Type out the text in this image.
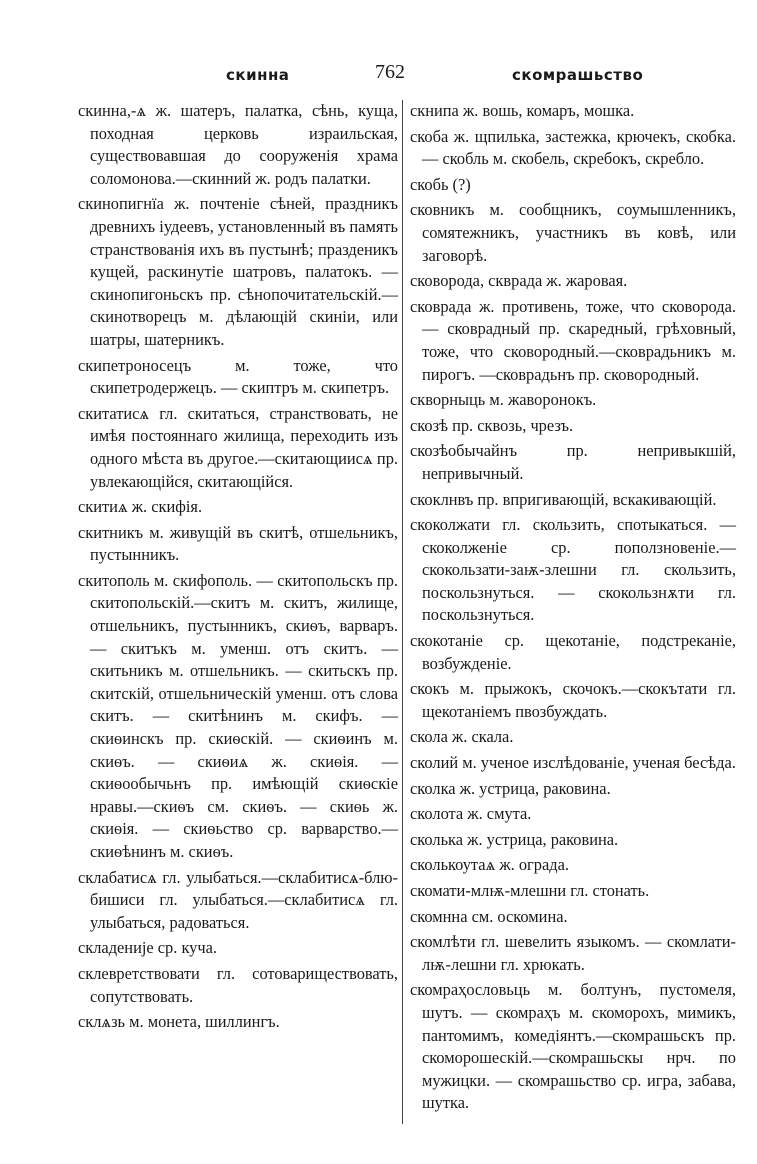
скинна	762	скомрашьство

скинна,-ѧ ж. шатеръ, палатка, сѣнь, куща, походная церковь израильская, существовавшая до сооруженія храма соломонова.—скинний ж. родъ палатки.

скинопигнїа ж. почтеніе сѣней, праздникъ древнихъ іудеевъ, установленный въ память странствованія ихъ въ пустынѣ; празденикъ кущей, раскинутіе шатровъ, палатокъ. — скинопигоньскъ пр. сѣнопочитательскій.—скинотворецъ м. дѣлающій скиніи, или шатры, шатерникъ.

скипетроносецъ м. тоже, что скипетродержецъ. — скиптръ м. скипетръ.

скитатисѧ гл. скитаться, странствовать, не имѣя постояннаго жилища, переходить изъ одного мѣста въ другое.—скитающиисѧ пр. увлекающійся, скитающійся.

скитиѧ ж. скифія.

скитникъ м. живущій въ скитѣ, отшельникъ, пустынникъ.

скитополь м. скифополь. — скитопольскъ пр. скитопольскій.—скитъ м. скитъ, жилище, отшельникъ, пустынникъ, скиѳъ, варваръ. — скитъкъ м. уменш. отъ скитъ. — скитьникъ м. отшельникъ. — скитьскъ пр. скитскій, отшельническій уменш. отъ слова скитъ. — скитѣнинъ м. скифъ. — скиѳинскъ пр. скиѳскій. — скиѳинъ м. скиѳъ. — скиѳиѧ ж. скиѳія. — скиѳообычьнъ пр. имѣющій скиѳскіе нравы.—скиѳъ см. скиѳъ. — скиѳь ж. скиѳія. — скиѳьство ср. варварство.—скиѳѣнинъ м. скиѳъ.

склабатисѧ гл. улыбаться.—склабитисѧ-блю-бишиси гл. улыбаться.—склабитисѧ гл. улыбаться, радоваться.

складеније ср. куча.

склевретствовати гл. сотовариществовать, сопутствовать.

склѧзь м. монета, шиллингъ.

скнипа ж. вошь, комаръ, мошка.

скоба ж. щпилька, застежка, крючекъ, скобка. — скобль м. скобель, скребокъ, скребло.

скобь (?)

сковникъ м. сообщникъ, соумышленникъ, сомятежникъ, участникъ въ ковѣ, или заговорѣ.

сковорода, скврада ж. жаровая.

сковрада ж. противень, тоже, что сковорода. — сковрадный пр. скаредный, грѣховный, тоже, что сковородный.—сковрадьникъ м. пирогъ. —сковрадьнъ пр. сковородный.

скворныць м. жаворонокъ.

скозѣ пр. сквозь, чрезъ.

скозѣобычайнъ пр. непривыкшій, непривычный.

скоклнвъ пр. впригивающій, вскакивающій.

скоколжати гл. скользить, спотыкаться. — скоколженіе ср. поползновеніе.—скокользати-заѭ-злешни гл. скользить, поскользнуться. — скокользнѫти гл. поскользнуться.

скокотаніе ср. щекотаніе, подстреканіе, возбужденіе.

скокъ м. прыжокъ, скочокъ.—скокътати гл. щекотаніемъ пвозбуждать.

скола ж. скала.

сколий м. ученое изслѣдованіе, ученая бесѣда.

сколка ж. устрица, раковина.

сколота ж. смута.

сколька ж. устрица, раковина.

сколькоутаѧ ж. ограда.

скомати-млѭ-млешни гл. стонать.

скомнна см. оскомина.

скомлѣти гл. шевелить языкомъ. — скомлати-лѭ-лешни гл. хрюкать.

скомраҳословьць м. болтунъ, пустомеля, шутъ. — скомраҳъ м. скоморохъ, мимикъ, пантомимъ, комедіянтъ.—скомрашьскъ пр. скоморошескій.—скомрашьскы нрч. по мужицки. — скомрашьство ср. игра, забава, шутка.
